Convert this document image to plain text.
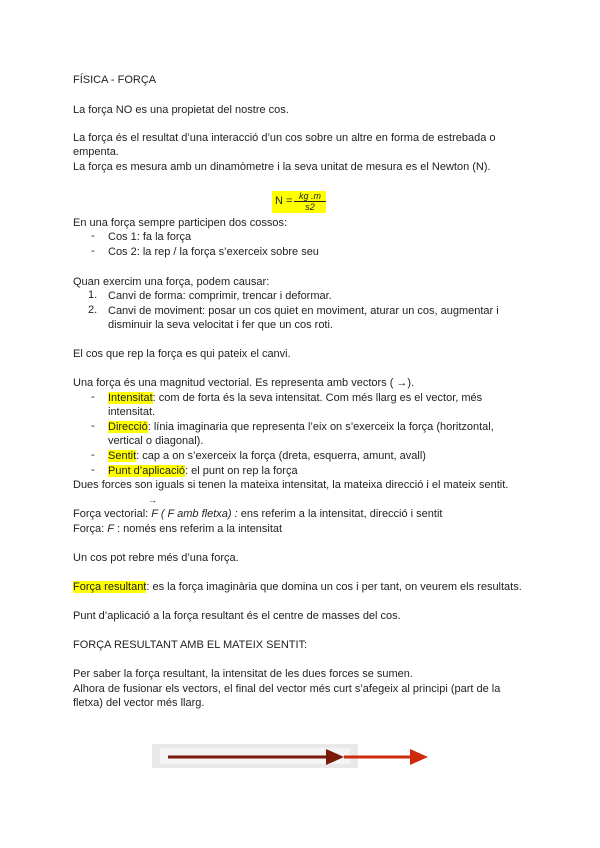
FÍSICA - FORÇA
La força NO es una propietat del nostre cos.
La força és el resultat d’una interacció d’un cos sobre un altre en forma de estrebada o
empenta.
La força es mesura amb un dinamòmetre i la seva unitat de mesura es el Newton (N).
$N = \frac{kg .m}{s2}$
En una força sempre participen dos cossos:
- Cos 1: fa la força
- Cos 2: la rep / la força s’exerceix sobre seu
Quan exercim una força, podem causar:
1. Canvi de forma: comprimir, trencar i deformar.
2. Canvi de moviment: posar un cos quiet en moviment, aturar un cos, augmentar i
disminuir la seva velocitat i fer que un cos roti.
El cos que rep la força es qui pateix el canvi.
Una força és una magnitud vectorial. Es representa amb vectors ( →).
- Intensitat: com de forta és la seva intensitat. Com més llarg es el vector, més
intensitat.
- Direcció: línia imaginaria que representa l’eix on s’exerceix la força (horitzontal,
vertical o diagonal).
- Sentit: cap a on s’exerceix la força (dreta, esquerra, amunt, avall)
- Punt d’aplicació: el punt on rep la força
Dues forces son iguals si tenen la mateixa intensitat, la mateixa direcció i el mateix sentit.
→
Força vectorial: F ( F amb fletxa) : ens referim a la intensitat, direcció i sentit
Força: F : només ens referim a la intensitat
Un cos pot rebre més d’una força.
Força resultant: es la força imaginària que domina un cos i per tant, on veurem els resultats.
Punt d’aplicació a la força resultant és el centre de masses del cos.
FORÇA RESULTANT AMB EL MATEIX SENTIT:
Per saber la força resultant, la intensitat de les dues forces se sumen.
Alhora de fusionar els vectors, el final del vector més curt s’afegeix al principi (part de la
fletxa) del vector més llarg.
